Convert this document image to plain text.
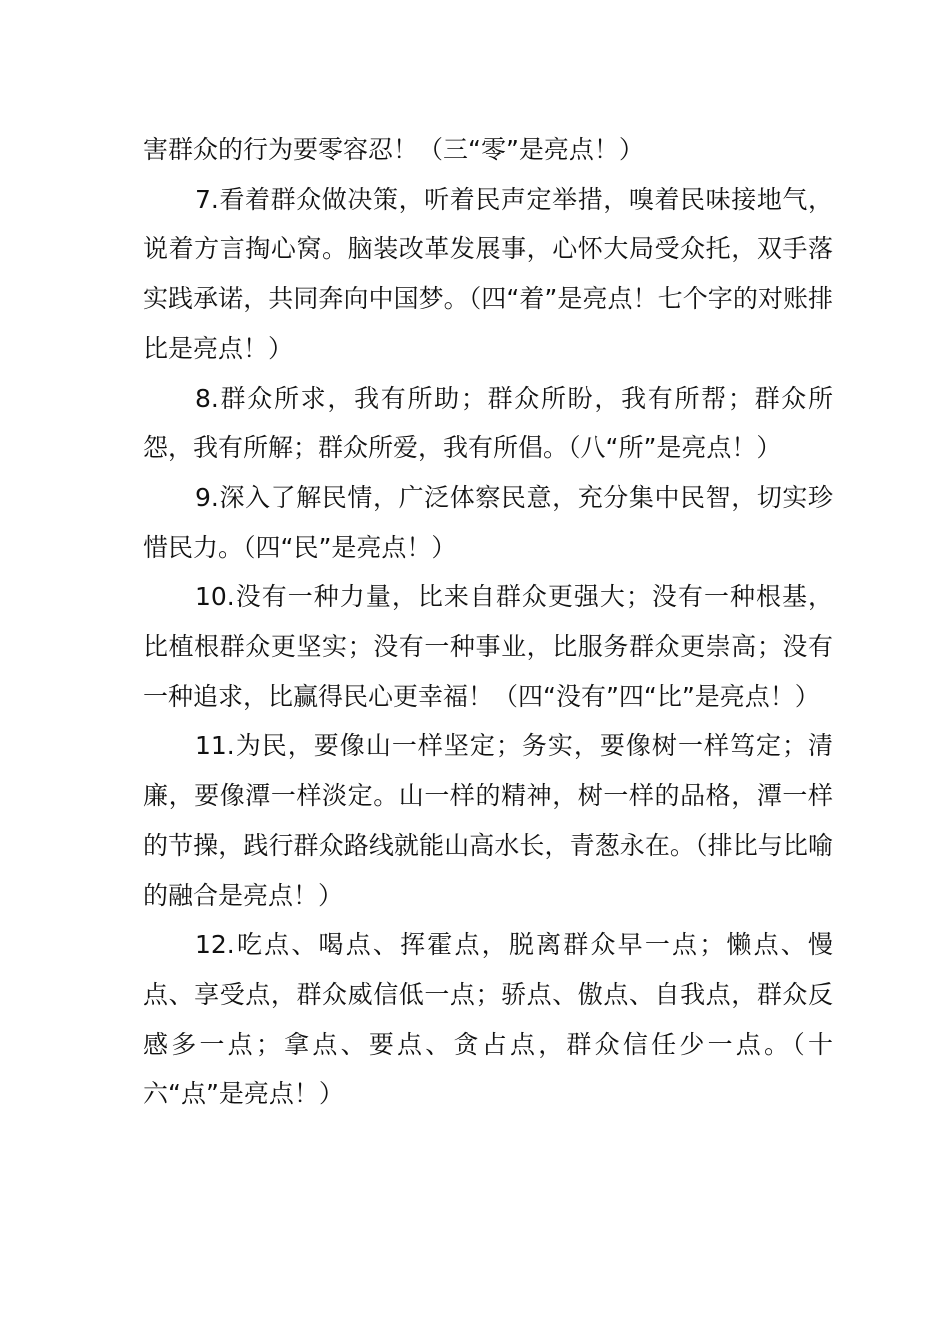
害群众的行为要零容忍！（三“零”是亮点！）

7.看着群众做决策，听着民声定举措，嗅着民味接地气，说着方言掏心窝。脑装改革发展事，心怀大局受众托，双手落实践承诺，共同奔向中国梦。（四“着”是亮点！七个字的对账排比是亮点！）

8.群众所求，我有所助；群众所盼，我有所帮；群众所怨，我有所解；群众所爱，我有所倡。（八“所”是亮点！）

9.深入了解民情，广泛体察民意，充分集中民智，切实珍惜民力。（四“民”是亮点！）

10.没有一种力量，比来自群众更强大；没有一种根基，比植根群众更坚实；没有一种事业，比服务群众更崇高；没有一种追求，比赢得民心更幸福！（四“没有”四“比”是亮点！）

11.为民，要像山一样坚定；务实，要像树一样笃定；清廉，要像潭一样淡定。山一样的精神，树一样的品格，潭一样的节操，践行群众路线就能山高水长，青葱永在。（排比与比喻的融合是亮点！）

12.吃点、喝点、挥霍点，脱离群众早一点；懒点、慢点、享受点，群众威信低一点；骄点、傲点、自我点，群众反感多一点；拿点、要点、贪占点，群众信任少一点。（十六“点”是亮点！）
